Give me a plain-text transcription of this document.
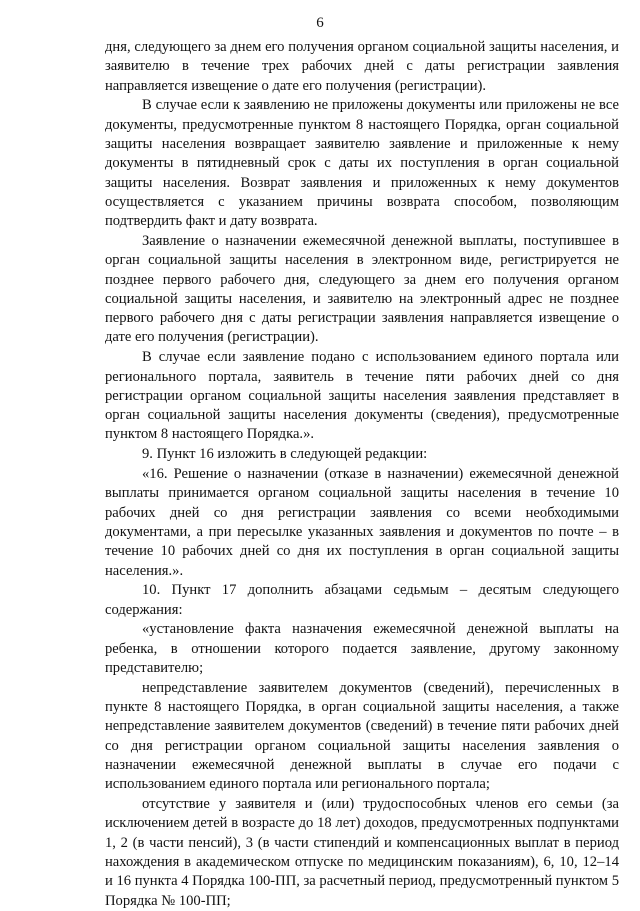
6

дня, следующего за днем его получения органом социальной защиты населения, и заявителю в течение трех рабочих дней с даты регистрации заявления направляется извещение о дате его получения (регистрации).

В случае если к заявлению не приложены документы или приложены не все документы, предусмотренные пунктом 8 настоящего Порядка, орган социальной защиты населения возвращает заявителю заявление и приложенные к нему документы в пятидневный срок с даты их поступления в орган социальной защиты населения. Возврат заявления и приложенных к нему документов осуществляется с указанием причины возврата способом, позволяющим подтвердить факт и дату возврата.

Заявление о назначении ежемесячной денежной выплаты, поступившее в орган социальной защиты населения в электронном виде, регистрируется не позднее первого рабочего дня, следующего за днем его получения органом социальной защиты населения, и заявителю на электронный адрес не позднее первого рабочего дня с даты регистрации заявления направляется извещение о дате его получения (регистрации).

В случае если заявление подано с использованием единого портала или регионального портала, заявитель в течение пяти рабочих дней со дня регистрации органом социальной защиты населения заявления представляет в орган социальной защиты населения документы (сведения), предусмотренные пунктом 8 настоящего Порядка.».

9. Пункт 16 изложить в следующей редакции:

«16. Решение о назначении (отказе в назначении) ежемесячной денежной выплаты принимается органом социальной защиты населения в течение 10 рабочих дней со дня регистрации заявления со всеми необходимыми документами, а при пересылке указанных заявления и документов по почте – в течение 10 рабочих дней со дня их поступления в орган социальной защиты населения.».

10. Пункт 17 дополнить абзацами седьмым – десятым следующего содержания:

«установление факта назначения ежемесячной денежной выплаты на ребенка, в отношении которого подается заявление, другому законному представителю;

непредставление заявителем документов (сведений), перечисленных в пункте 8 настоящего Порядка, в орган социальной защиты населения, а также непредставление заявителем документов (сведений) в течение пяти рабочих дней со дня регистрации органом социальной защиты населения заявления о назначении ежемесячной денежной выплаты в случае его подачи с использованием единого портала или регионального портала;

отсутствие у заявителя и (или) трудоспособных членов его семьи (за исключением детей в возрасте до 18 лет) доходов, предусмотренных подпунктами 1, 2 (в части пенсий), 3 (в части стипендий и компенсационных выплат в период нахождения в академическом отпуске по медицинским показаниям), 6, 10, 12–14 и 16 пункта 4 Порядка 100-ПП, за расчетный период, предусмотренный пунктом 5 Порядка № 100-ПП;
